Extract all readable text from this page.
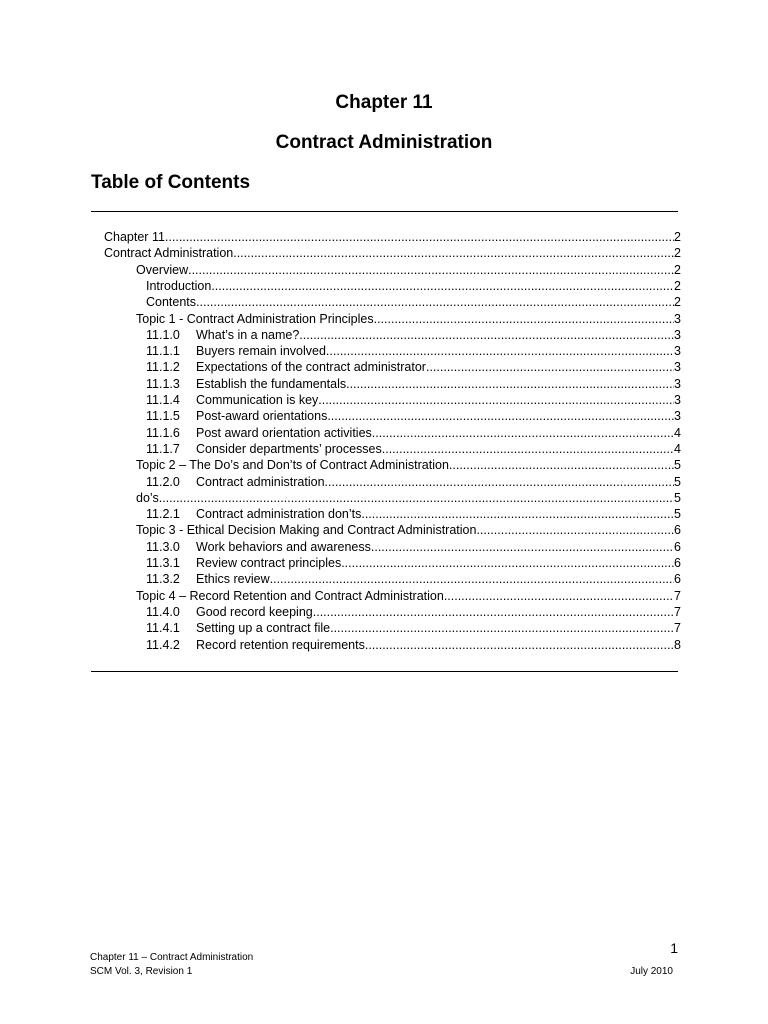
Chapter 11
Contract Administration
Table of Contents
Chapter 11 .....	2
Contract Administration .....	2
Overview .....	2
Introduction .....	2
Contents .....	2
Topic 1 - Contract Administration Principles .....	3
11.1.0	What’s in a name? .....	3
11.1.1	Buyers remain involved .....	3
11.1.2	Expectations of the contract administrator .....	3
11.1.3	Establish the fundamentals .....	3
11.1.4	Communication is key .....	3
11.1.5	Post-award orientations .....	3
11.1.6	Post award orientation activities .....	4
11.1.7	Consider departments’ processes .....	4
Topic 2 – The Do’s and Don’ts of Contract Administration .....	5
11.2.0	Contract administration .....	5
do’s .....	5
11.2.1	Contract administration don’ts .....	5
Topic 3 - Ethical Decision Making and Contract Administration .....	6
11.3.0	Work behaviors and awareness .....	6
11.3.1	Review contract principles .....	6
11.3.2	Ethics review .....	6
Topic 4 – Record Retention and Contract Administration .....	7
11.4.0	Good record keeping .....	7
11.4.1	Setting up a contract file .....	7
11.4.2	Record retention requirements .....	8
1
Chapter 11 – Contract Administration
SCM Vol. 3, Revision 1	July 2010
